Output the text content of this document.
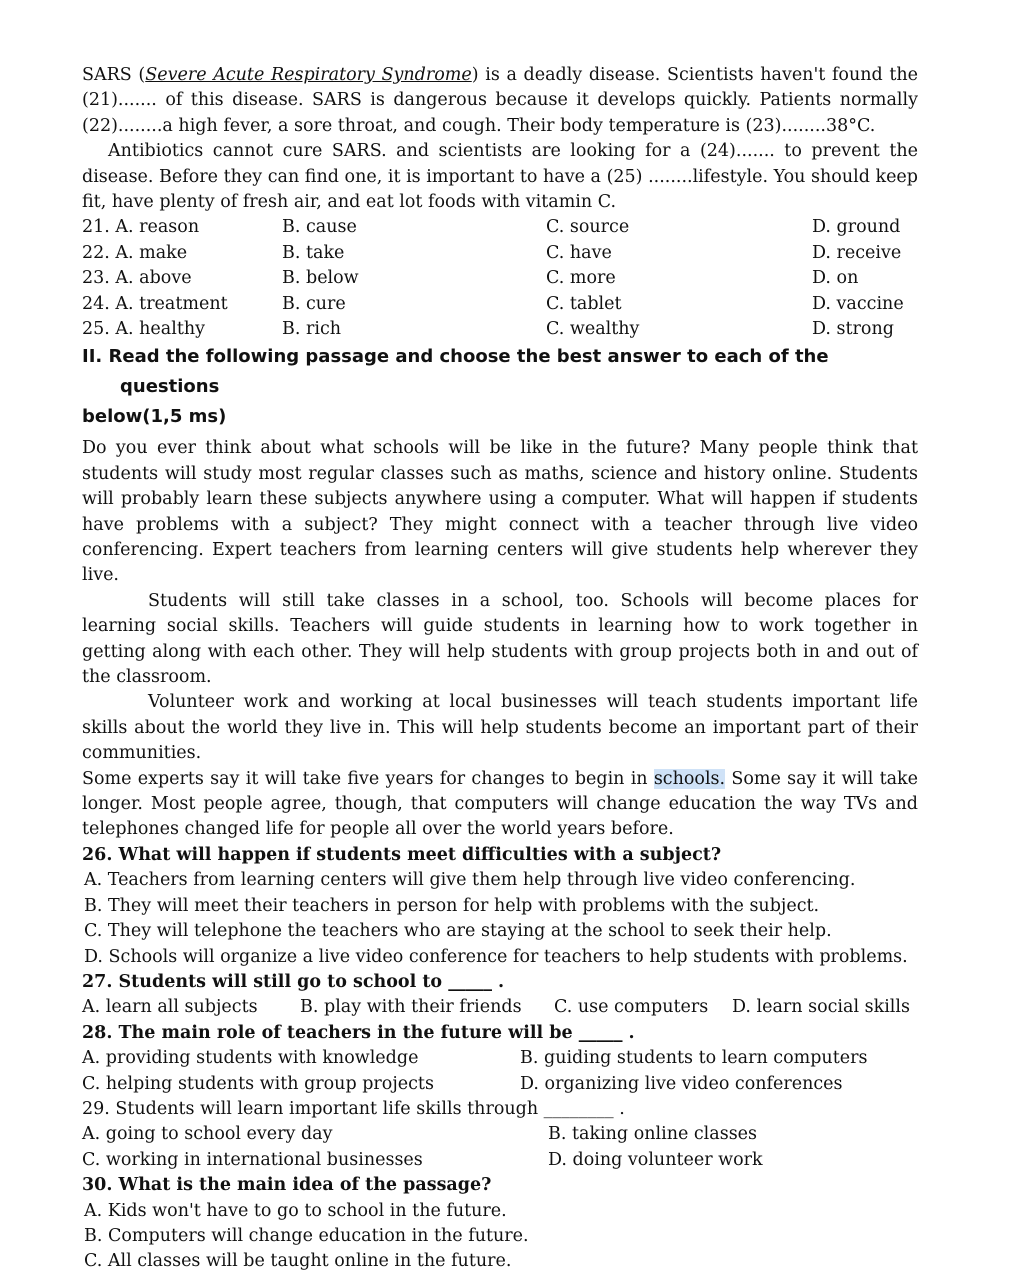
SARS (Severe Acute Respiratory Syndrome) is a deadly disease. Scientists haven't found the (21)....... of this disease. SARS is dangerous because it develops quickly. Patients normally (22)........a high fever, a sore throat, and cough. Their body temperature is (23)........38°C.

Antibiotics cannot cure SARS. and scientists are looking for a (24)....... to prevent the disease. Before they can find one, it is important to have a (25) ........lifestyle. You should keep fit, have plenty of fresh air, and eat lot foods with vitamin C.

21. A. reason	B. cause	C. source	D. ground
22. A. make	B. take	C. have	D. receive
23. A. above	B. below	C. more	D. on
24. A. treatment	B. cure	C. tablet	D. vaccine
25. A. healthy	B. rich	C. wealthy	D. strong
II. Read the following passage and choose the best answer to each of the
questions
below(1,5 ms)

Do you ever think about what schools will be like in the future? Many people think that students will study most regular classes such as maths, science and history online. Students will probably learn these subjects anywhere using a computer. What will happen if students have problems with a subject? They might connect with a teacher through live video conferencing. Expert teachers from learning centers will give students help wherever they live.

Students will still take classes in a school, too. Schools will become places for learning social skills. Teachers will guide students in learning how to work together in getting along with each other. They will help students with group projects both in and out of the classroom.

Volunteer work and working at local businesses will teach students important life skills about the world they live in. This will help students become an important part of their communities.

Some experts say it will take five years for changes to begin in schools. Some say it will take longer. Most people agree, though, that computers will change education the way TVs and telephones changed life for people all over the world years before.

26. What will happen if students meet difficulties with a subject?
A. Teachers from learning centers will give them help through live video conferencing.
B. They will meet their teachers in person for help with problems with the subject.
C. They will telephone the teachers who are staying at the school to seek their help.
D. Schools will organize a live video conference for teachers to help students with problems.
27. Students will still go to school to _____ .
A. learn all subjects	B. play with their friends	C. use computers	D. learn social skills
28. The main role of teachers in the future will be _____ .
A. providing students with knowledge	B. guiding students to learn computers
C. helping students with group projects	D. organizing live video conferences
29. Students will learn important life skills through ________ .
A. going to school every day	B. taking online classes
C. working in international businesses	D. doing volunteer work
30. What is the main idea of the passage?
A. Kids won't have to go to school in the future.
B. Computers will change education in the future.
C. All classes will be taught online in the future.
